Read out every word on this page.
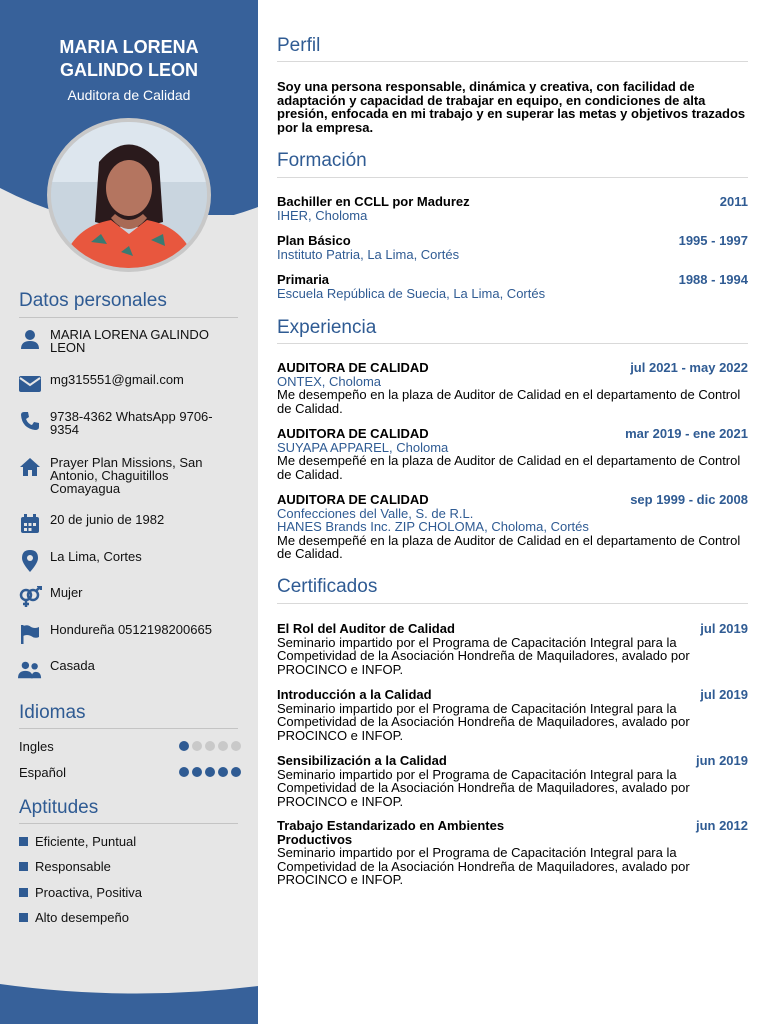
MARIA LORENA
GALINDO LEON
Auditora de Calidad
Datos personales
MARIA LORENA GALINDO LEON
mg315551@gmail.com
9738-4362 WhatsApp 9706-9354
Prayer Plan Missions, San Antonio, Chaguitillos Comayagua
20 de junio de 1982
La Lima, Cortes
Mujer
Hondureña 0512198200665
Casada
Idiomas
Ingles
Español
Aptitudes
Eficiente, Puntual
Responsable
Proactiva, Positiva
Alto desempeño
Perfil
Soy una persona responsable, dinámica y creativa, con facilidad de adaptación y capacidad de trabajar en equipo, en condiciones de alta presión, enfocada en mi trabajo y en superar las metas y objetivos trazados por la empresa.
Formación
Bachiller en CCLL por Madurez	2011
IHER, Choloma
Plan Básico	1995 - 1997
Instituto Patria, La Lima, Cortés
Primaria	1988 - 1994
Escuela República de Suecia, La Lima, Cortés
Experiencia
AUDITORA DE CALIDAD	jul 2021 - may 2022
ONTEX, Choloma
Me desempeño en la plaza de Auditor de Calidad en el departamento de Control de Calidad.
AUDITORA DE CALIDAD	mar 2019 - ene 2021
SUYAPA APPAREL, Choloma
Me desempeñé en la plaza de Auditor de Calidad en el departamento de Control de Calidad.
AUDITORA DE CALIDAD	sep 1999 - dic 2008
Confecciones del Valle, S. de R.L.
HANES Brands Inc. ZIP CHOLOMA, Choloma, Cortés
Me desempeñé en la plaza de Auditor de Calidad en el departamento de Control de Calidad.
Certificados
El Rol del Auditor de Calidad	jul 2019
Seminario impartido por el Programa de Capacitación Integral para la Competividad de la Asociación Hondreña de Maquiladores, avalado por PROCINCO e INFOP.
Introducción a la Calidad	jul 2019
Seminario impartido por el Programa de Capacitación Integral para la Competividad de la Asociación Hondreña de Maquiladores, avalado por PROCINCO e INFOP.
Sensibilización a la Calidad	jun 2019
Seminario impartido por el Programa de Capacitación Integral para la Competividad de la Asociación Hondreña de Maquiladores, avalado por PROCINCO e INFOP.
Trabajo Estandarizado en Ambientes Productivos
jun 2012
Seminario impartido por el Programa de Capacitación Integral para la Competividad de la Asociación Hondreña de Maquiladores, avalado por PROCINCO e INFOP.
